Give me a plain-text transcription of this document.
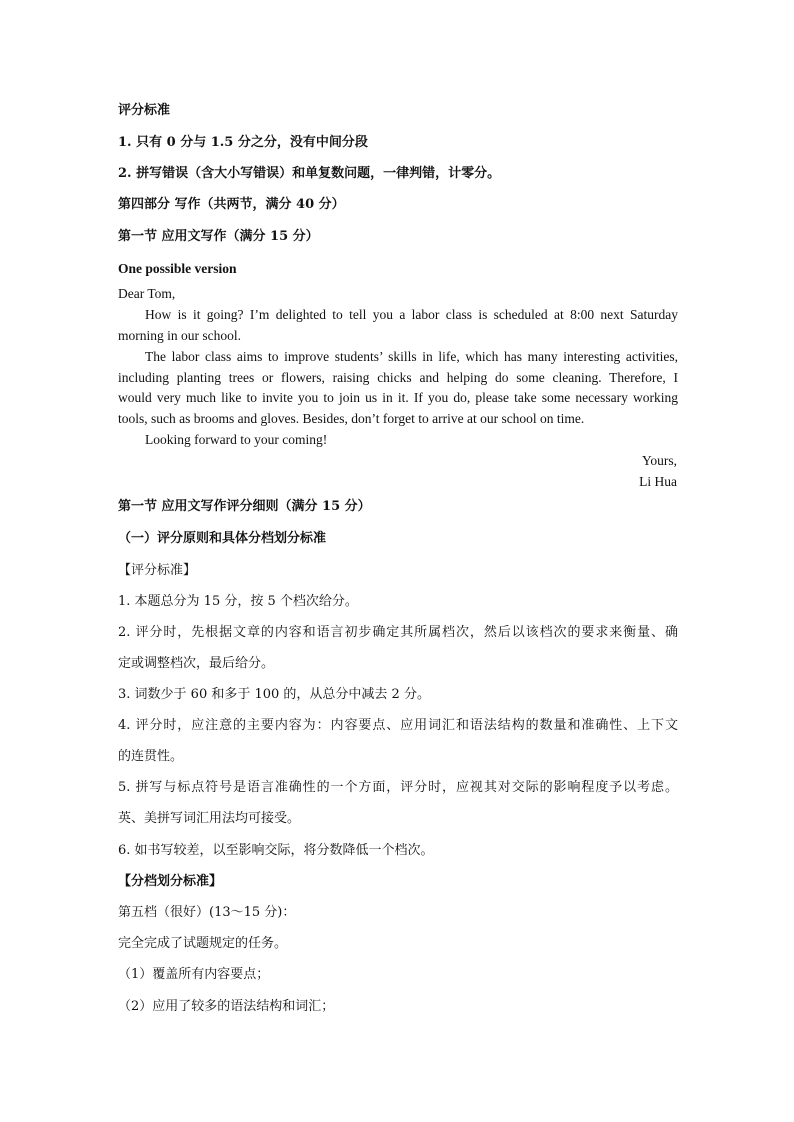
评分标准
1. 只有 0 分与 1.5 分之分，没有中间分段
2. 拼写错误（含大小写错误）和单复数问题，一律判错，计零分。
第四部分 写作（共两节，满分 40 分）
第一节 应用文写作（满分 15 分）
One possible version
Dear Tom,
How is it going? I’m delighted to tell you a labor class is scheduled at 8:00 next Saturday
morning in our school.
The labor class aims to improve students’ skills in life, which has many interesting activities,
including planting trees or flowers, raising chicks and helping do some cleaning. Therefore, I
would very much like to invite you to join us in it. If you do, please take some necessary working
tools, such as brooms and gloves. Besides, don’t forget to arrive at our school on time.
Looking forward to your coming!
Yours,
Li Hua
第一节 应用文写作评分细则（满分 15 分）
（一）评分原则和具体分档划分标准
【评分标准】
1. 本题总分为 15 分，按 5 个档次给分。
2. 评分时，先根据文章的内容和语言初步确定其所属档次，然后以该档次的要求来衡量、确
定或调整档次，最后给分。
3. 词数少于 60 和多于 100 的，从总分中减去 2 分。
4. 评分时，应注意的主要内容为：内容要点、应用词汇和语法结构的数量和准确性、上下文
的连贯性。
5. 拼写与标点符号是语言准确性的一个方面，评分时，应视其对交际的影响程度予以考虑。
英、美拼写词汇用法均可接受。
6. 如书写较差，以至影响交际，将分数降低一个档次。
【分档划分标准】
第五档（很好）(13～15 分)：
完全完成了试题规定的任务。
（1）覆盖所有内容要点；
（2）应用了较多的语法结构和词汇；
